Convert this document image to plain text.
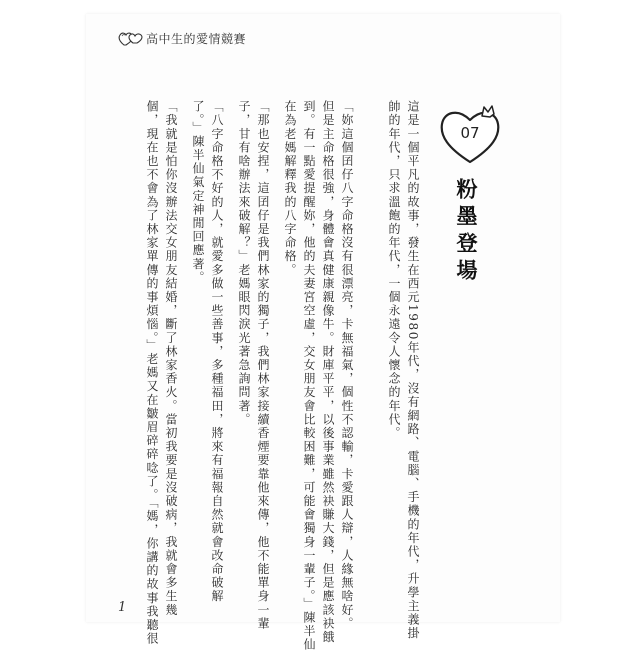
高中生的愛情競賽
07
粉墨登場
這是一個平凡的故事，發生在西元1980年代，沒有網路、電腦、手機的年代，升學主義掛
帥的年代，只求溫飽的年代，一個永遠令人懷念的年代。
「妳這個囝仔八字命格沒有很漂亮，卡無福氣，個性不認輸，卡愛跟人辯，人緣無啥好。
但是主命格很強，身體會真健康親像牛。財庫平平，以後事業雖然袂賺大錢，但是應該袂餓
到。有一點愛提醒妳，他的夫妻宮空虛，交女朋友會比較困難，可能會獨身一輩子。」陳半仙
在為老媽解釋我的八字命格。
「那也安捏，這囝仔是我們林家的獨子，我們林家接續香煙要靠他來傳，他不能單身一輩
子，甘有啥辦法來破解？」老媽眼閃淚光著急詢問著。
「八字命格不好的人，就愛多做一些善事，多種福田，將來有福報自然就會改命破解
了。」陳半仙氣定神閒回應著。
「我就是怕你沒辦法交女朋友結婚，斷了林家香火。當初我要是沒破病，我就會多生幾
個，現在也不會為了林家單傳的事煩惱。」老媽又在皺眉碎碎唸了。「媽，你講的故事我聽很
1
